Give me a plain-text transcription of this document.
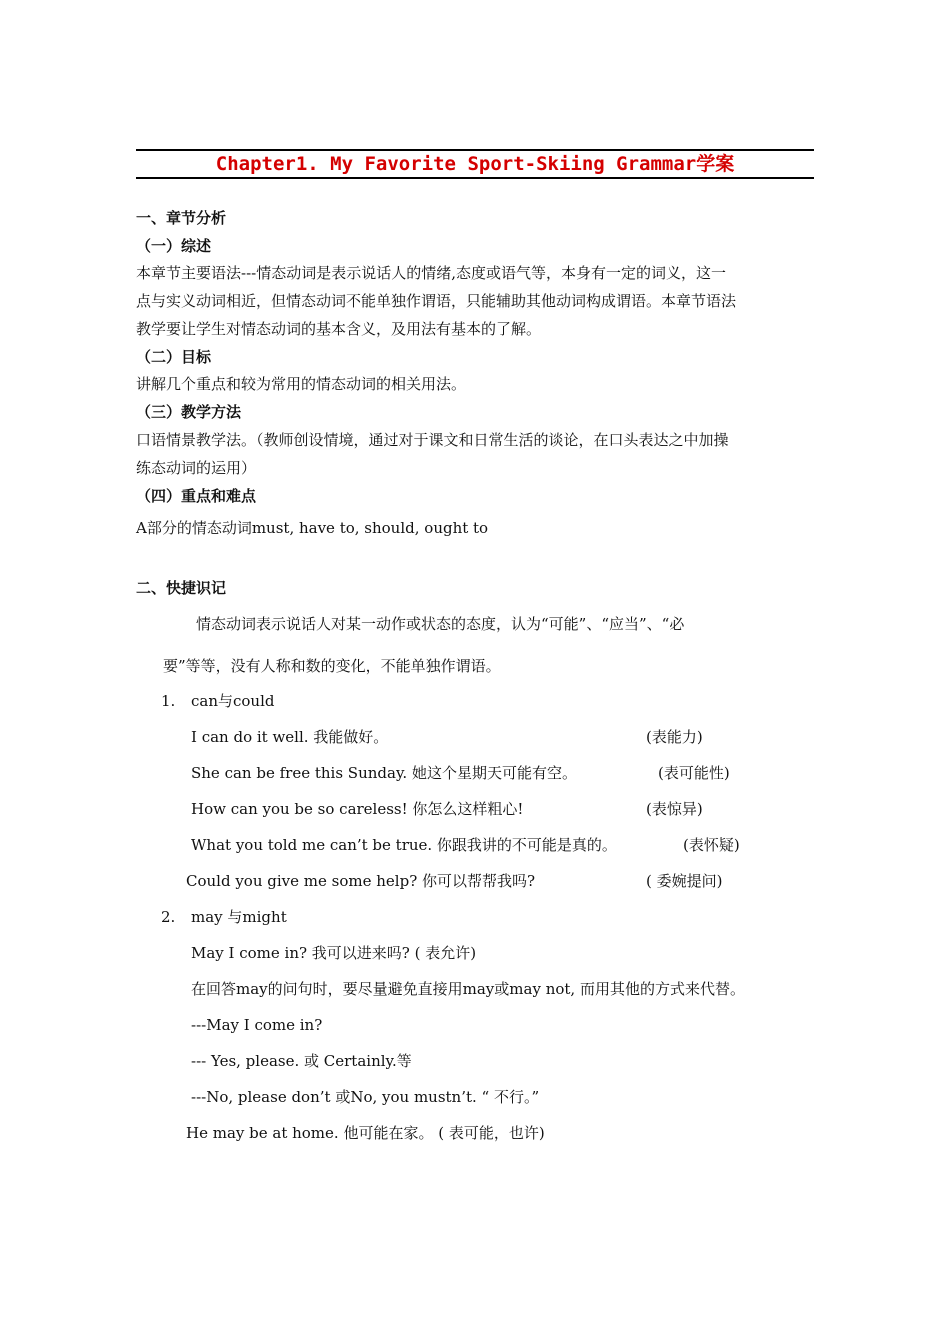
Chapter1. My Favorite Sport-Skiing Grammar学案
一、章节分析
（一）综述
本章节主要语法---情态动词是表示说话人的情绪,态度或语气等，本身有一定的词义，这一
点与实义动词相近，但情态动词不能单独作谓语，只能辅助其他动词构成谓语。本章节语法
教学要让学生对情态动词的基本含义，及用法有基本的了解。
（二）目标
讲解几个重点和较为常用的情态动词的相关用法。
（三）教学方法
口语情景教学法。（教师创设情境，通过对于课文和日常生活的谈论，在口头表达之中加操
练态动词的运用）
（四）重点和难点
A部分的情态动词must, have to, should, ought to
二、快捷识记
情态动词表示说话人对某一动作或状态的态度，认为“可能”、“应当”、“必
要”等等，没有人称和数的变化，不能单独作谓语。
1. can与could
I can do it well. 我能做好。	(表能力)
She can be free this Sunday. 她这个星期天可能有空。	(表可能性)
How can you be so careless! 你怎么这样粗心!	(表惊异)
What you told me can’t be true. 你跟我讲的不可能是真的。	(表怀疑)
Could you give me some help? 你可以帮帮我吗?	( 委婉提问)
2. may 与might
May I come in? 我可以进来吗? ( 表允许)
在回答may的问句时，要尽量避免直接用may或may not, 而用其他的方式来代替。
---May I come in?
--- Yes, please. 或 Certainly.等
---No, please don’t 或No, you mustn’t. “ 不行。”
He may be at home. 他可能在家。 ( 表可能，也许)
